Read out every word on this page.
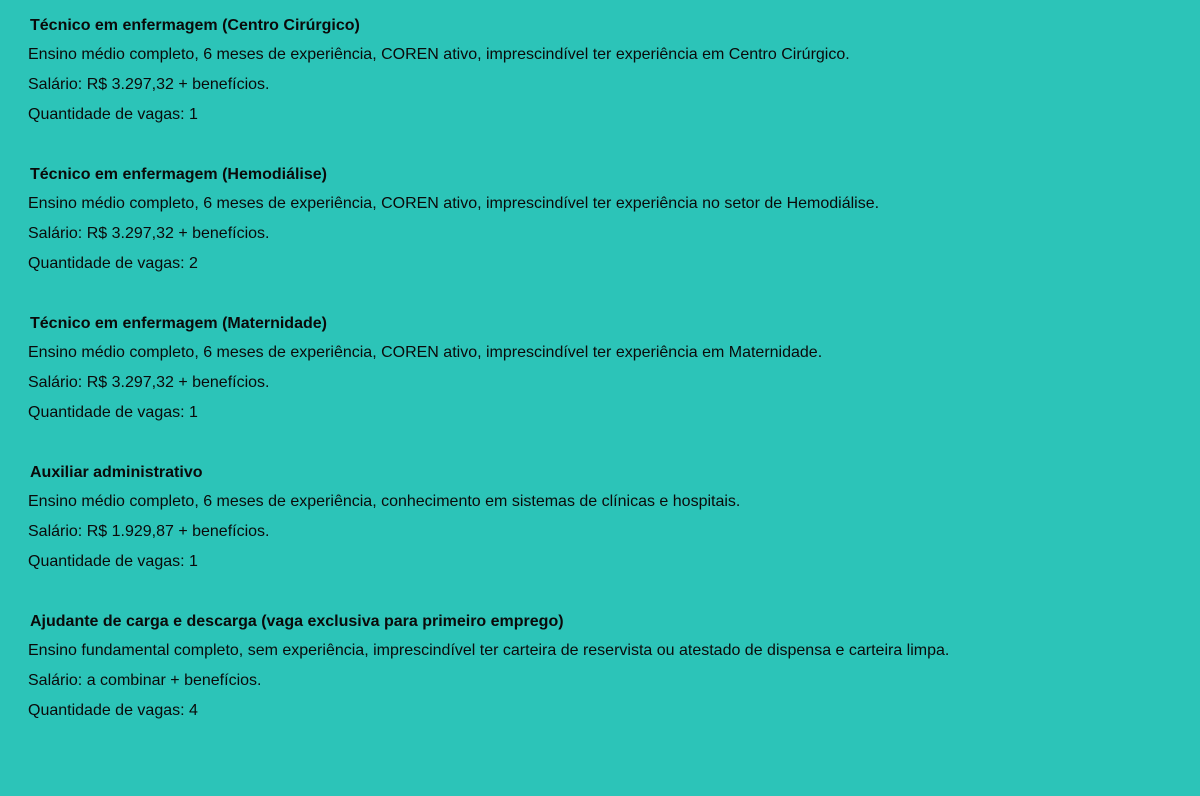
Técnico em enfermagem (Centro Cirúrgico)

Ensino médio completo, 6 meses de experiência, COREN ativo, imprescindível ter experiência em Centro Cirúrgico.

Salário: R$ 3.297,32 + benefícios.

Quantidade de vagas: 1

Técnico em enfermagem (Hemodiálise)

Ensino médio completo, 6 meses de experiência, COREN ativo, imprescindível ter experiência no setor de Hemodiálise.

Salário: R$ 3.297,32 + benefícios.

Quantidade de vagas: 2

Técnico em enfermagem (Maternidade)

Ensino médio completo, 6 meses de experiência, COREN ativo, imprescindível ter experiência em Maternidade.

Salário: R$ 3.297,32 + benefícios.

Quantidade de vagas: 1

Auxiliar administrativo

Ensino médio completo, 6 meses de experiência, conhecimento em sistemas de clínicas e hospitais.

Salário: R$ 1.929,87 + benefícios.

Quantidade de vagas: 1

Ajudante de carga e descarga (vaga exclusiva para primeiro emprego)

Ensino fundamental completo, sem experiência, imprescindível ter carteira de reservista ou atestado de dispensa e carteira limpa.

Salário: a combinar + benefícios.

Quantidade de vagas: 4
